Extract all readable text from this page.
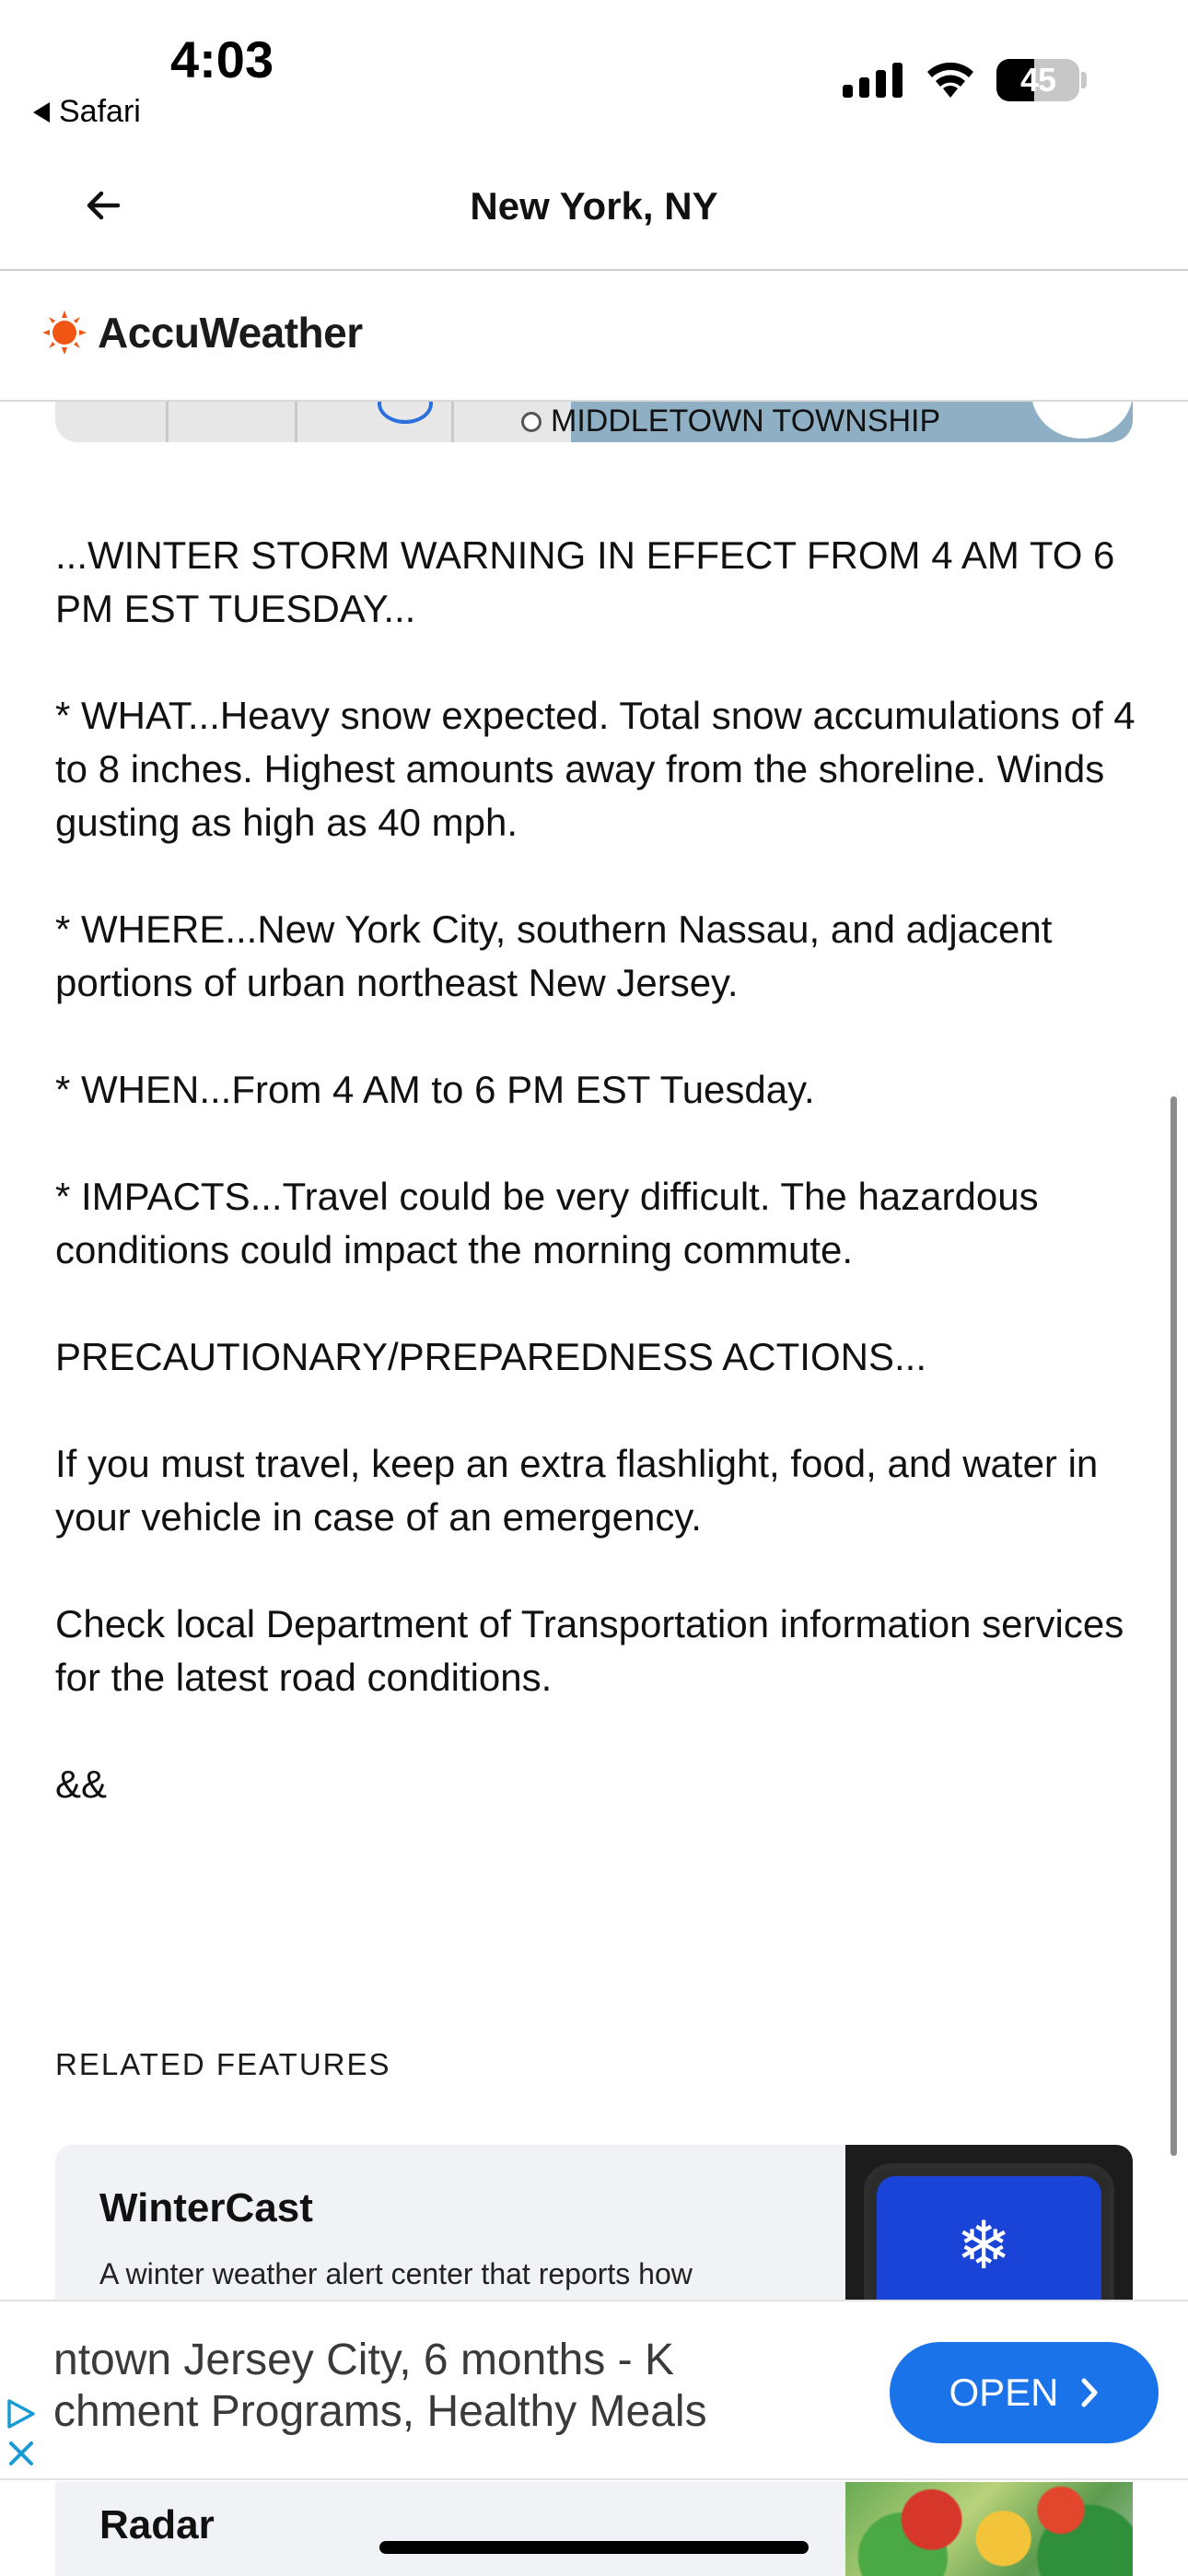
4:03
Safari
45
New York, NY
AccuWeather
MIDDLETOWN TOWNSHIP

...WINTER STORM WARNING IN EFFECT FROM 4 AM TO 6 PM EST TUESDAY...

* WHAT...Heavy snow expected. Total snow accumulations of 4 to 8 inches. Highest amounts away from the shoreline. Winds gusting as high as 40 mph.

* WHERE...New York City, southern Nassau, and adjacent portions of urban northeast New Jersey.

* WHEN...From 4 AM to 6 PM EST Tuesday.

* IMPACTS...Travel could be very difficult. The hazardous conditions could impact the morning commute.

PRECAUTIONARY/PREPAREDNESS ACTIONS...

If you must travel, keep an extra flashlight, food, and water in your vehicle in case of an emergency.

Check local Department of Transportation information services for the latest road conditions.

&&

RELATED FEATURES
WinterCast
A winter weather alert center that reports how	❄
ntown Jersey City, 6 months - K
chment Programs, Healthy Meals	OPEN
Radar
